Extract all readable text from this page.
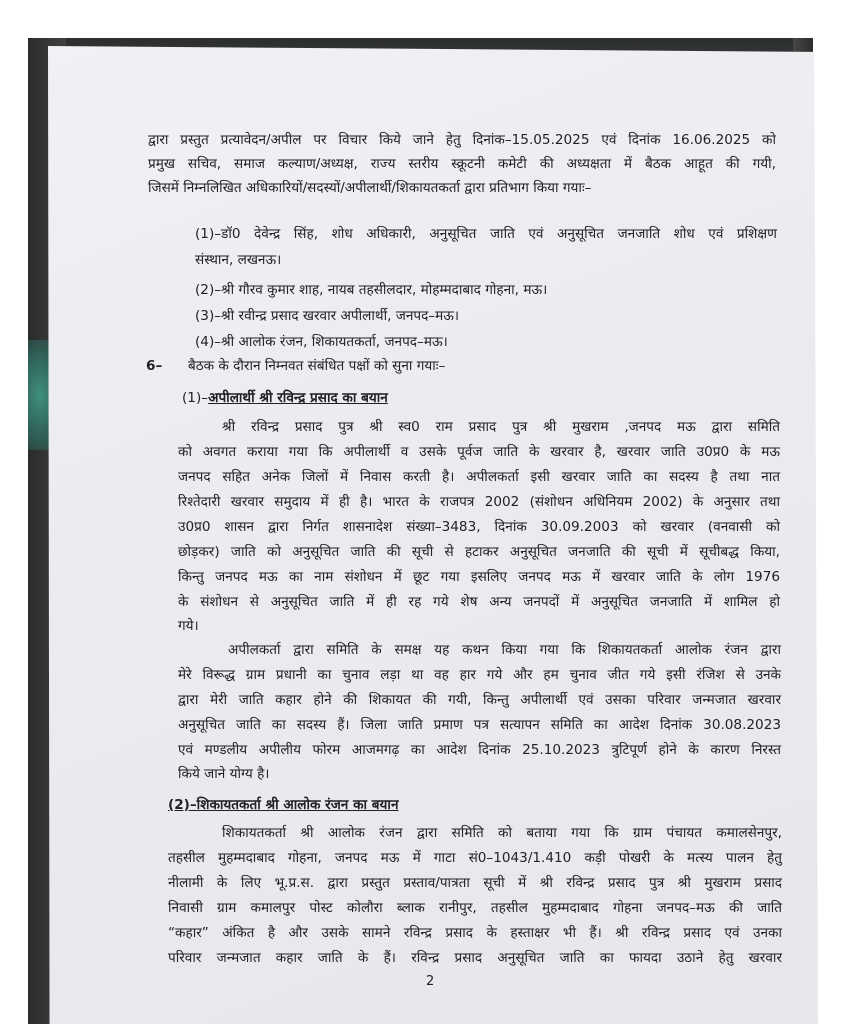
द्वारा प्रस्तुत प्रत्यावेदन/अपील पर विचार किये जाने हेतु दिनांक–15.05.2025 एवं दिनांक 16.06.2025 को
प्रमुख सचिव, समाज कल्याण/अध्यक्ष, राज्य स्तरीय स्क्रूटनी कमेटी की अध्यक्षता में बैठक आहूत की गयी,
जिसमें निम्नलिखित अधिकारियों/सदस्यों/अपीलार्थी/शिकायतकर्ता द्वारा प्रतिभाग किया गयाः–
(1)–डॉ0 देवेन्द्र सिंह, शोध अधिकारी, अनुसूचित जाति एवं अनुसूचित जनजाति शोध एवं प्रशिक्षण
संस्थान, लखनऊ।
(2)–श्री गौरव कुमार शाह, नायब तहसीलदार, मोहम्मदाबाद गोहना, मऊ।
(3)–श्री रवीन्द्र प्रसाद खरवार अपीलार्थी, जनपद–मऊ।
(4)–श्री आलोक रंजन, शिकायतकर्ता, जनपद–मऊ।
6– बैठक के दौरान निम्नवत संबंधित पक्षों को सुना गयाः–
(1)–अपीलार्थी श्री रविन्द्र प्रसाद का बयान
श्री रविन्द्र प्रसाद पुत्र श्री स्व0 राम प्रसाद पुत्र श्री मुखराम ,जनपद मऊ द्वारा समिति
को अवगत कराया गया कि अपीलार्थी व उसके पूर्वज जाति के खरवार है, खरवार जाति उ0प्र0 के मऊ
जनपद सहित अनेक जिलों में निवास करती है। अपीलकर्ता इसी खरवार जाति का सदस्य है तथा नात
रिश्तेदारी खरवार समुदाय में ही है। भारत के राजपत्र 2002 (संशोधन अधिनियम 2002) के अनुसार तथा
उ0प्र0 शासन द्वारा निर्गत शासनादेश संख्या–3483, दिनांक 30.09.2003 को खरवार (वनवासी को
छोड़कर) जाति को अनुसूचित जाति की सूची से हटाकर अनुसूचित जनजाति की सूची में सूचीबद्ध किया,
किन्तु जनपद मऊ का नाम संशोधन में छूट गया इसलिए जनपद मऊ में खरवार जाति के लोग 1976
के संशोधन से अनुसूचित जाति में ही रह गये शेष अन्य जनपदों में अनुसूचित जनजाति में शामिल हो
गये।
अपीलकर्ता द्वारा समिति के समक्ष यह कथन किया गया कि शिकायतकर्ता आलोक रंजन द्वारा
मेरे विरूद्ध ग्राम प्रधानी का चुनाव लड़ा था वह हार गये और हम चुनाव जीत गये इसी रंजिश से उनके
द्वारा मेरी जाति कहार होने की शिकायत की गयी, किन्तु अपीलार्थी एवं उसका परिवार जन्मजात खरवार
अनुसूचित जाति का सदस्य हैं। जिला जाति प्रमाण पत्र सत्यापन समिति का आदेश दिनांक 30.08.2023
एवं मण्डलीय अपीलीय फोरम आजमगढ़ का आदेश दिनांक 25.10.2023 त्रुटिपूर्ण होने के कारण निरस्त
किये जाने योग्य है।
(2)–शिकायतकर्ता श्री आलोक रंजन का बयान
शिकायतकर्ता श्री आलोक रंजन द्वारा समिति को बताया गया कि ग्राम पंचायत कमालसेनपुर,
तहसील मुहम्मदाबाद गोहना, जनपद मऊ में गाटा सं0–1043/1.410 कड़ी पोखरी के मत्स्य पालन हेतु
नीलामी के लिए भू.प्र.स. द्वारा प्रस्तुत प्रस्ताव/पात्रता सूची में श्री रविन्द्र प्रसाद पुत्र श्री मुखराम प्रसाद
निवासी ग्राम कमालपुर पोस्ट कोलौरा ब्लाक रानीपुर, तहसील मुहम्मदाबाद गोहना जनपद–मऊ की जाति
“कहार” अंकित है और उसके सामने रविन्द्र प्रसाद के हस्ताक्षर भी हैं। श्री रविन्द्र प्रसाद एवं उनका
परिवार जन्मजात कहार जाति के हैं। रविन्द्र प्रसाद अनुसूचित जाति का फायदा उठाने हेतु खरवार
2
